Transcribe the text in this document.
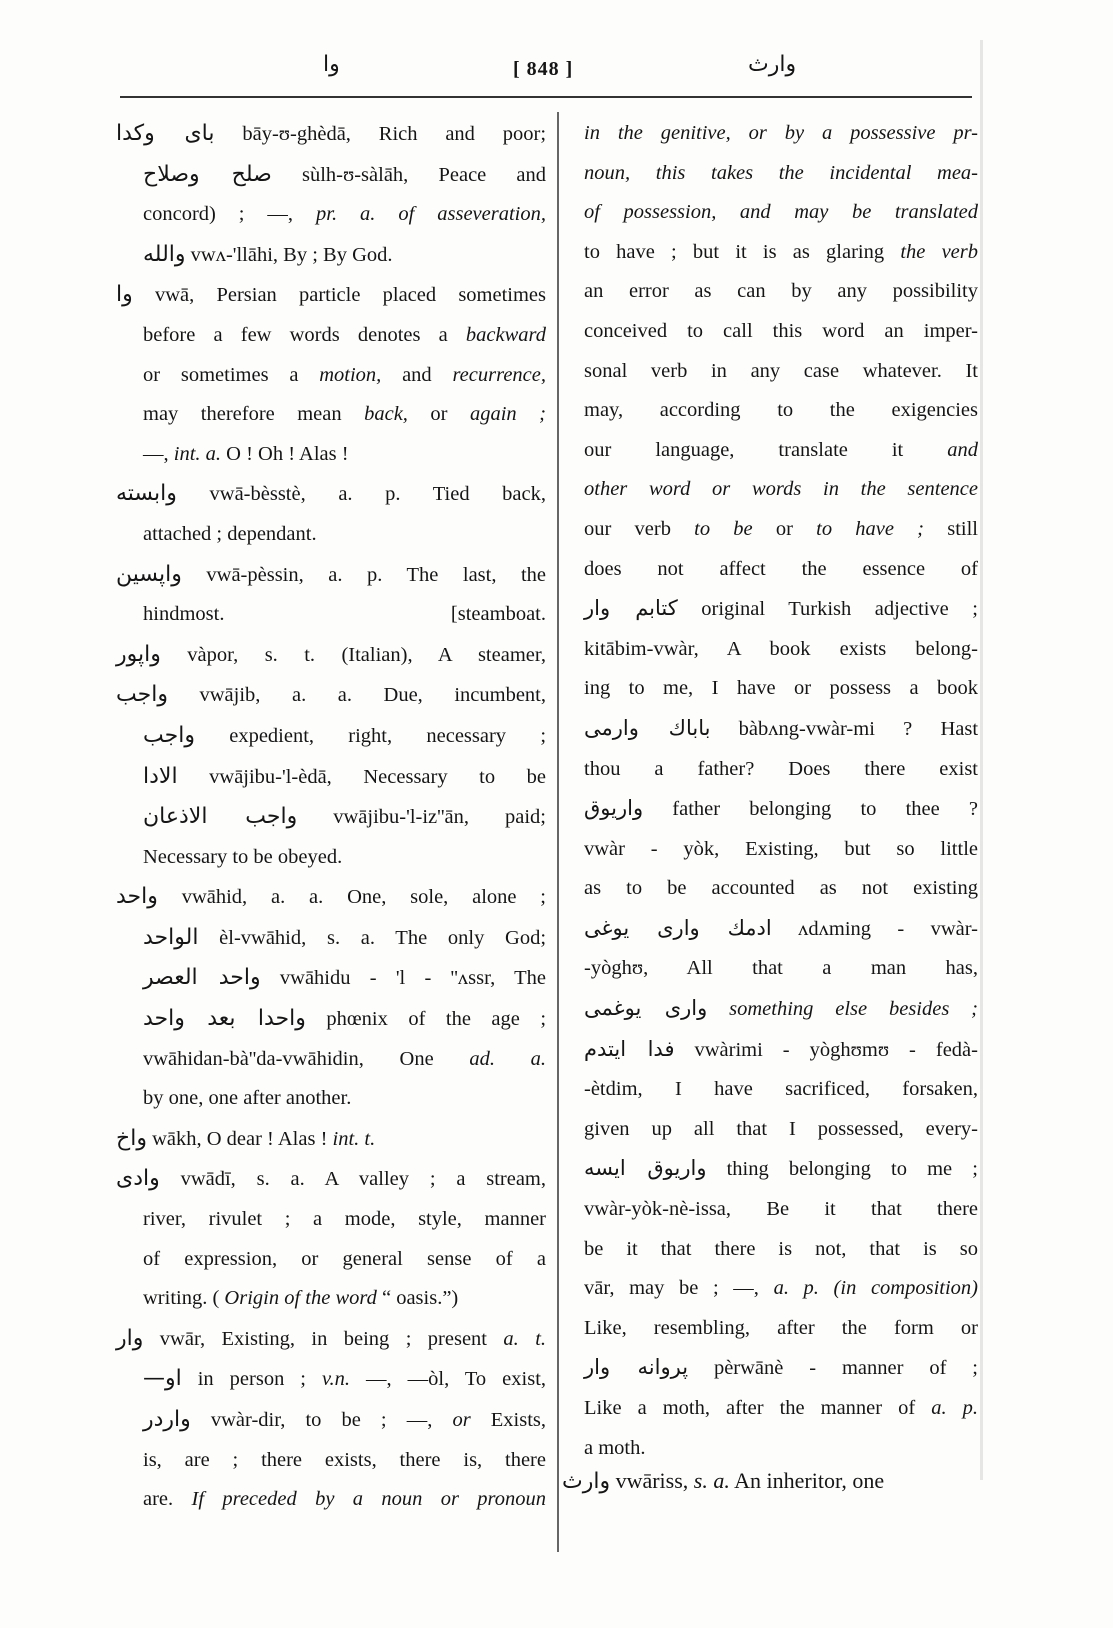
وا	[ 848 ]	وارث

بای وكدا bāy-ʊ-ghèdā, Rich and poor;

صلح وصلاح sùlh-ʊ-sàlāh, Peace and

concord) ; —, pr. a. of asseveration,

والله vwʌ-'llāhi, By ; By God.

وا vwā, Persian particle placed sometimes

before a few words denotes a backward

or sometimes a motion, and recurrence,

may therefore mean back, or again ;

—, int. a. O ! Oh ! Alas !

وابسته vwā-bèsstè, a. p. Tied back,

attached ; dependant.

واپسين vwā-pèssin, a. p. The last, the

hindmost.	[steamboat.

واپور vàpor, s. t. (Italian), A steamer,

واجب vwājib, a. a. Due, incumbent,

واجب expedient, right, necessary ;

الادا vwājibu-'l-èdā, Necessary to be

واجب الاذعان vwājibu-'l-iz''ān, paid;

Necessary to be obeyed.

واحد vwāhid, a. a. One, sole, alone ;

الواحد èl-vwāhid, s. a. The only God;

واحد العصر vwāhidu - 'l - ''ʌssr, The

واحدا بعد واحد phœnix of the age ;

vwāhidan-bà''da-vwāhidin, One ad. a.

by one, one after another.

واخ wākh, O dear ! Alas ! int. t.

وادى vwādī, s. a. A valley ; a stream,

river, rivulet ; a mode, style, manner

of expression, or general sense of a

writing. ( Origin of the word “ oasis.”)

وار vwār, Existing, in being ; present a. t.

—او in person ; v.n. —, —òl, To exist,

واردر vwàr-dir, to be ; —, or Exists,

is, are ; there exists, there is, there

are. If preceded by a noun or pronoun

in the genitive, or by a possessive pr-

noun, this takes the incidental mea-

of possession, and may be translated

to have ; but it is as glaring the verb

an error as can by any possibility

conceived to call this word an imper-

sonal verb in any case whatever. It

may, according to the exigencies

our language, translate it and

other word or words in the sentence

our verb to be or to have ; still

does not affect the essence of

كتابم وار original Turkish adjective ;

kitābim-vwàr, A book exists belong-

ing to me, I have or possess a book

باباك وارمى bàbʌng-vwàr-mi ? Hast

thou a father? Does there exist

واريوق father belonging to thee ?

vwàr - yòk, Existing, but so little

as to be accounted as not existing

ادمك وارى يوغى ʌdʌming - vwàr-

-yòghʊ, All that a man has,

وارى يوغمى something else besides ;

فدا ايتدم vwàrimi - yòghʊmʊ - fedà-

-ètdim, I have sacrificed, forsaken,

given up all that I possessed, every-

واريوق ايسه thing belonging to me ;

vwàr-yòk-nè-issa, Be it that there

be it that there is not, that is so

vār, may be ; —, a. p. (in composition)

Like, resembling, after the form or

پروانه وار pèrwānè - manner of ;

Like a moth, after the manner of a. p.

a moth.

وارث vwāriss, s. a. An inheritor, one
